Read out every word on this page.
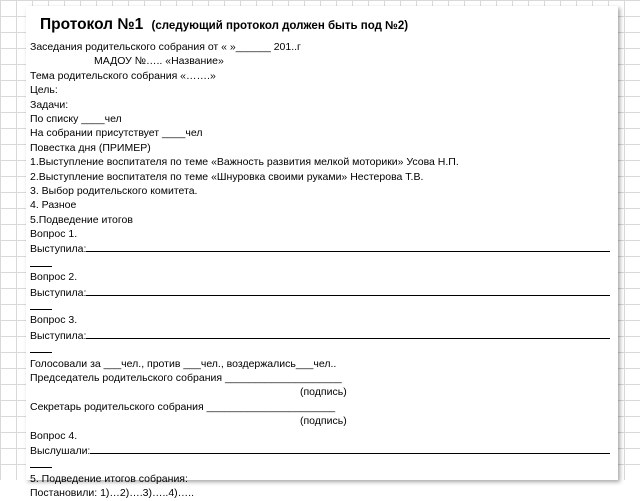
Протокол №1 (следующий протокол должен быть под №2)
Заседания родительского собрания от « »______ 201..г
МАДОУ №….. «Название»
Тема родительского собрания «…….»
Цель:
Задачи:
По списку ____чел
На собрании присутствует ____чел
Повестка дня (ПРИМЕР)
1.Выступление воспитателя по теме «Важность развития мелкой моторики» Усова Н.П.
2.Выступление воспитателя по теме «Шнуровка своими руками» Нестерова Т.В.
3. Выбор родительского комитета.
4. Разное
5.Подведение итогов
Вопрос 1.
Выступила:
Вопрос 2.
Выступила:
Вопрос 3.
Выступила:
Голосовали за ___чел., против ___чел., воздержались___чел..
Председатель родительского собрания ____________________
(подпись)
Секретарь родительского собрания ______________________
(подпись)
Вопрос 4.
Выслушали:
5. Подведение итогов собрания:
Постановили: 1)…2)….3)…..4)…..
